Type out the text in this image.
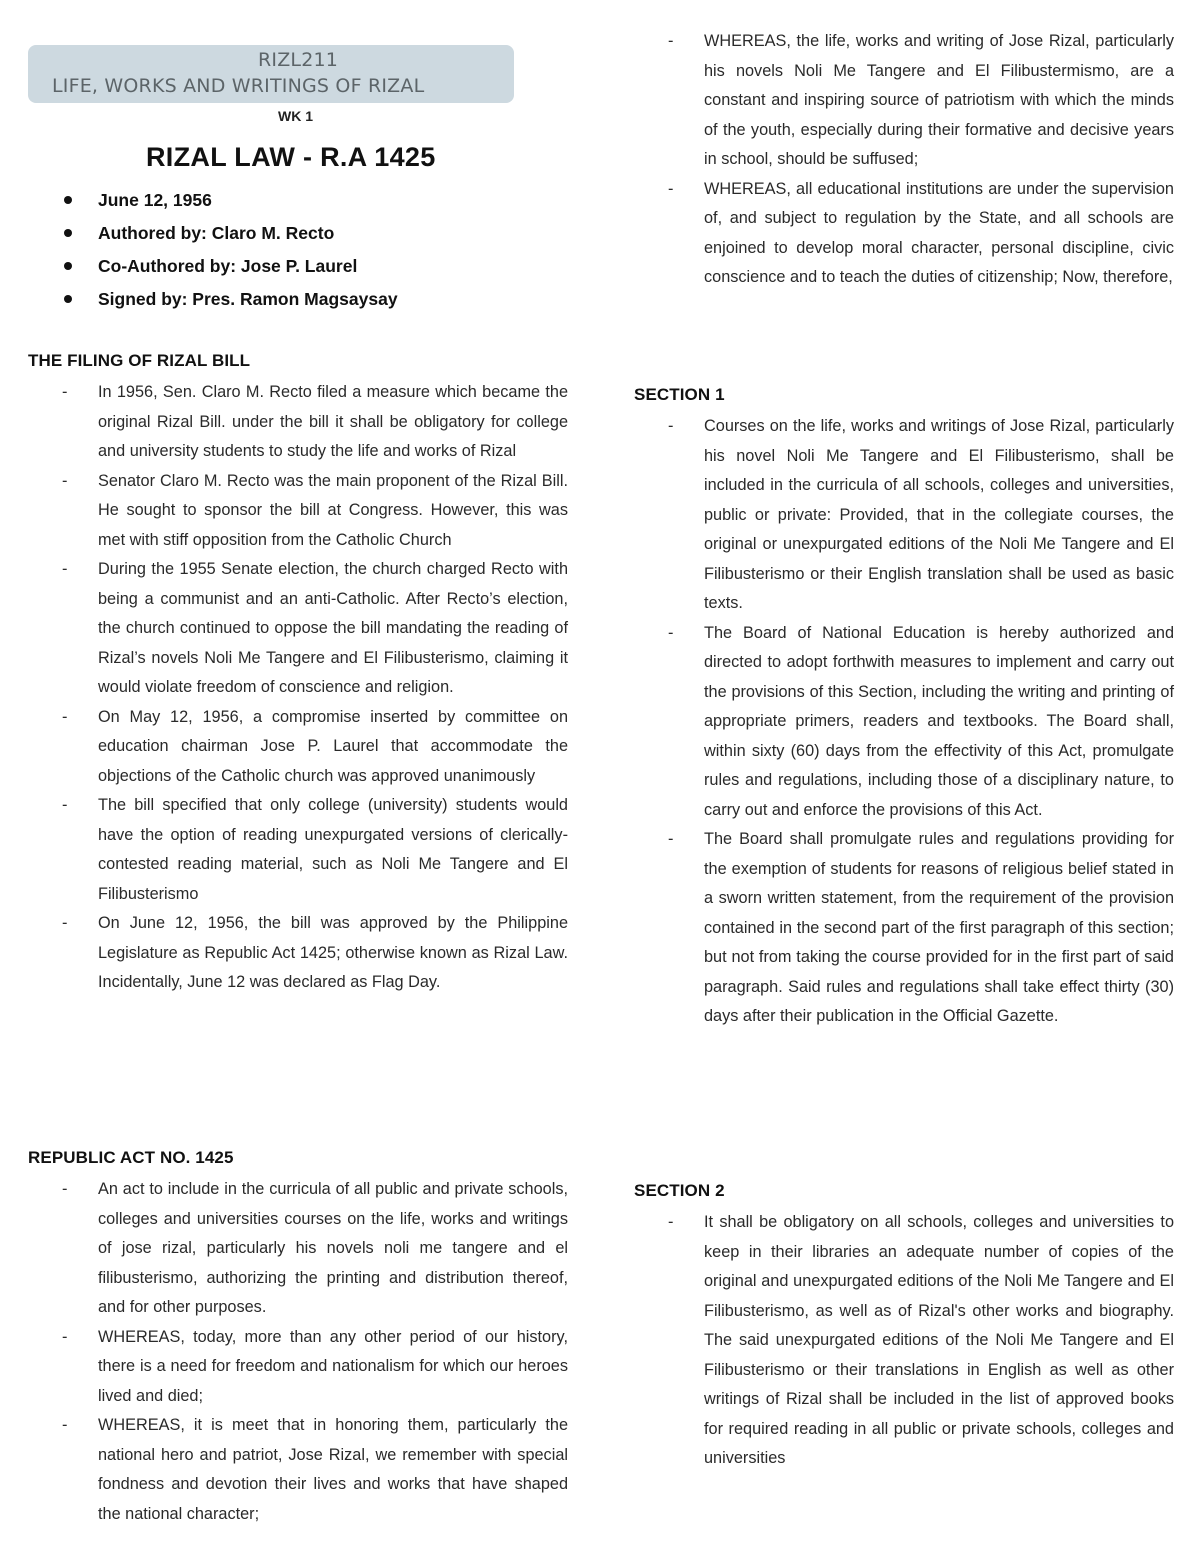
RIZL211
LIFE, WORKS AND WRITINGS OF RIZAL
WK 1
RIZAL LAW - R.A 1425
June 12, 1956
Authored by: Claro M. Recto
Co-Authored by: Jose P. Laurel
Signed by: Pres. Ramon Magsaysay
THE FILING OF RIZAL BILL
- In 1956, Sen. Claro M. Recto filed a measure which became the original Rizal Bill. under the bill it shall be obligatory for college and university students to study the life and works of Rizal
- Senator Claro M. Recto was the main proponent of the Rizal Bill. He sought to sponsor the bill at Congress. However, this was met with stiff opposition from the Catholic Church
- During the 1955 Senate election, the church charged Recto with being a communist and an anti-Catholic. After Recto’s election, the church continued to oppose the bill mandating the reading of Rizal’s novels Noli Me Tangere and El Filibusterismo, claiming it would violate freedom of conscience and religion.
- On May 12, 1956, a compromise inserted by committee on education chairman Jose P. Laurel that accommodate the objections of the Catholic church was approved unanimously
- The bill specified that only college (university) students would have the option of reading unexpurgated versions of clerically-contested reading material, such as Noli Me Tangere and El Filibusterismo
- On June 12, 1956, the bill was approved by the Philippine Legislature as Republic Act 1425; otherwise known as Rizal Law. Incidentally, June 12 was declared as Flag Day.
REPUBLIC ACT NO. 1425
- An act to include in the curricula of all public and private schools, colleges and universities courses on the life, works and writings of jose rizal, particularly his novels noli me tangere and el filibusterismo, authorizing the printing and distribution thereof, and for other purposes.
- WHEREAS, today, more than any other period of our history, there is a need for freedom and nationalism for which our heroes lived and died;
- WHEREAS, it is meet that in honoring them, particularly the national hero and patriot, Jose Rizal, we remember with special fondness and devotion their lives and works that have shaped the national character;
- WHEREAS, the life, works and writing of Jose Rizal, particularly his novels Noli Me Tangere and El Filibustermismo, are a constant and inspiring source of patriotism with which the minds of the youth, especially during their formative and decisive years in school, should be suffused;
- WHEREAS, all educational institutions are under the supervision of, and subject to regulation by the State, and all schools are enjoined to develop moral character, personal discipline, civic conscience and to teach the duties of citizenship; Now, therefore,
SECTION 1
- Courses on the life, works and writings of Jose Rizal, particularly his novel Noli Me Tangere and El Filibusterismo, shall be included in the curricula of all schools, colleges and universities, public or private: Provided, that in the collegiate courses, the original or unexpurgated editions of the Noli Me Tangere and El Filibusterismo or their English translation shall be used as basic texts.
- The Board of National Education is hereby authorized and directed to adopt forthwith measures to implement and carry out the provisions of this Section, including the writing and printing of appropriate primers, readers and textbooks. The Board shall, within sixty (60) days from the effectivity of this Act, promulgate rules and regulations, including those of a disciplinary nature, to carry out and enforce the provisions of this Act.
- The Board shall promulgate rules and regulations providing for the exemption of students for reasons of religious belief stated in a sworn written statement, from the requirement of the provision contained in the second part of the first paragraph of this section; but not from taking the course provided for in the first part of said paragraph. Said rules and regulations shall take effect thirty (30) days after their publication in the Official Gazette.
SECTION 2
- It shall be obligatory on all schools, colleges and universities to keep in their libraries an adequate number of copies of the original and unexpurgated editions of the Noli Me Tangere and El Filibusterismo, as well as of Rizal's other works and biography. The said unexpurgated editions of the Noli Me Tangere and El Filibusterismo or their translations in English as well as other writings of Rizal shall be included in the list of approved books for required reading in all public or private schools, colleges and universities
